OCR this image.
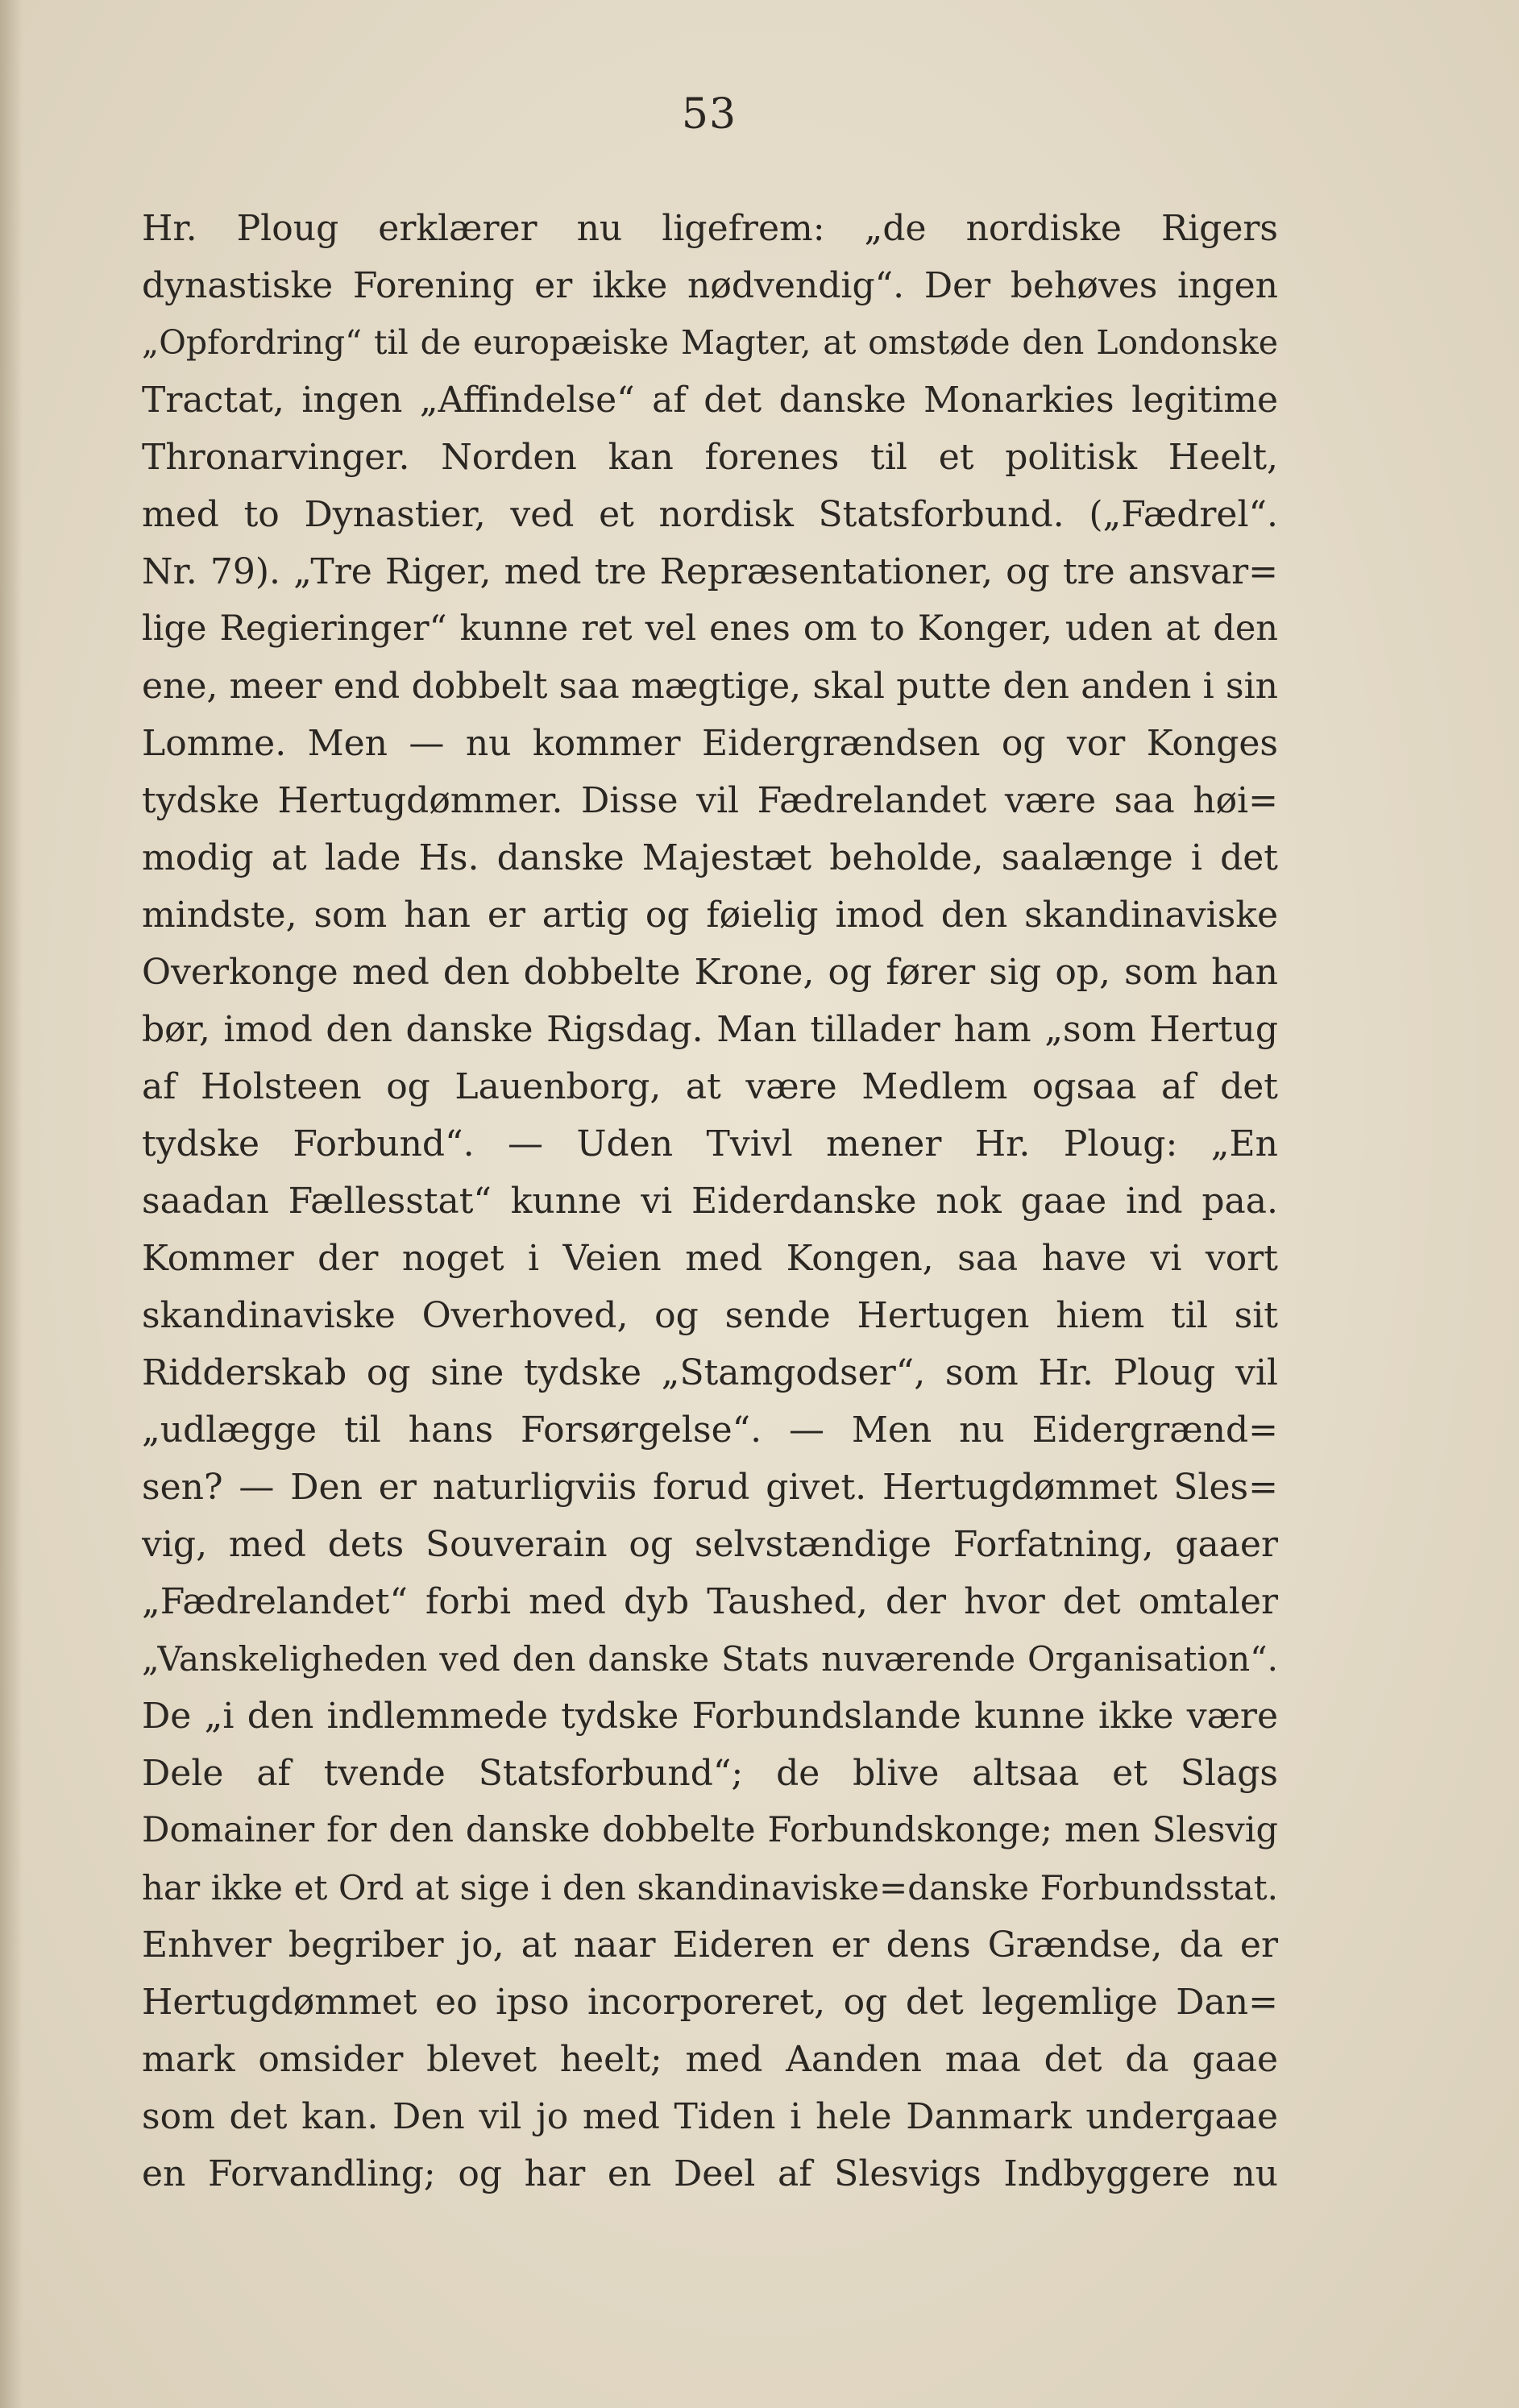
53
Hr. Ploug erklærer nu ligefrem: „de nordiske Rigers
dynastiske Forening er ikke nødvendig“. Der behøves ingen
„Opfordring“ til de europæiske Magter, at omstøde den Londonske
Tractat, ingen „Affindelse“ af det danske Monarkies legitime
Thronarvinger. Norden kan forenes til et politisk Heelt,
med to Dynastier, ved et nordisk Statsforbund. („Fædrel“.
Nr. 79). „Tre Riger, med tre Repræsentationer, og tre ansvar=
lige Regieringer“ kunne ret vel enes om to Konger, uden at den
ene, meer end dobbelt saa mægtige, skal putte den anden i sin
Lomme. Men — nu kommer Eidergrændsen og vor Konges
tydske Hertugdømmer. Disse vil Fædrelandet være saa høi=
modig at lade Hs. danske Majestæt beholde, saalænge i det
mindste, som han er artig og føielig imod den skandinaviske
Overkonge med den dobbelte Krone, og fører sig op, som han
bør, imod den danske Rigsdag. Man tillader ham „som Hertug
af Holsteen og Lauenborg, at være Medlem ogsaa af det
tydske Forbund“. — Uden Tvivl mener Hr. Ploug: „En
saadan Fællesstat“ kunne vi Eiderdanske nok gaae ind paa.
Kommer der noget i Veien med Kongen, saa have vi vort
skandinaviske Overhoved, og sende Hertugen hiem til sit
Ridderskab og sine tydske „Stamgodser“, som Hr. Ploug vil
„udlægge til hans Forsørgelse“. — Men nu Eidergrænd=
sen? — Den er naturligviis forud givet. Hertugdømmet Sles=
vig, med dets Souverain og selvstændige Forfatning, gaaer
„Fædrelandet“ forbi med dyb Taushed, der hvor det omtaler
„Vanskeligheden ved den danske Stats nuværende Organisation“.
De „i den indlemmede tydske Forbundslande kunne ikke være
Dele af tvende Statsforbund“; de blive altsaa et Slags
Domainer for den danske dobbelte Forbundskonge; men Slesvig
har ikke et Ord at sige i den skandinaviske=danske Forbundsstat.
Enhver begriber jo, at naar Eideren er dens Grændse, da er
Hertugdømmet eo ipso incorporeret, og det legemlige Dan=
mark omsider blevet heelt; med Aanden maa det da gaae
som det kan. Den vil jo med Tiden i hele Danmark undergaae
en Forvandling; og har en Deel af Slesvigs Indbyggere nu
